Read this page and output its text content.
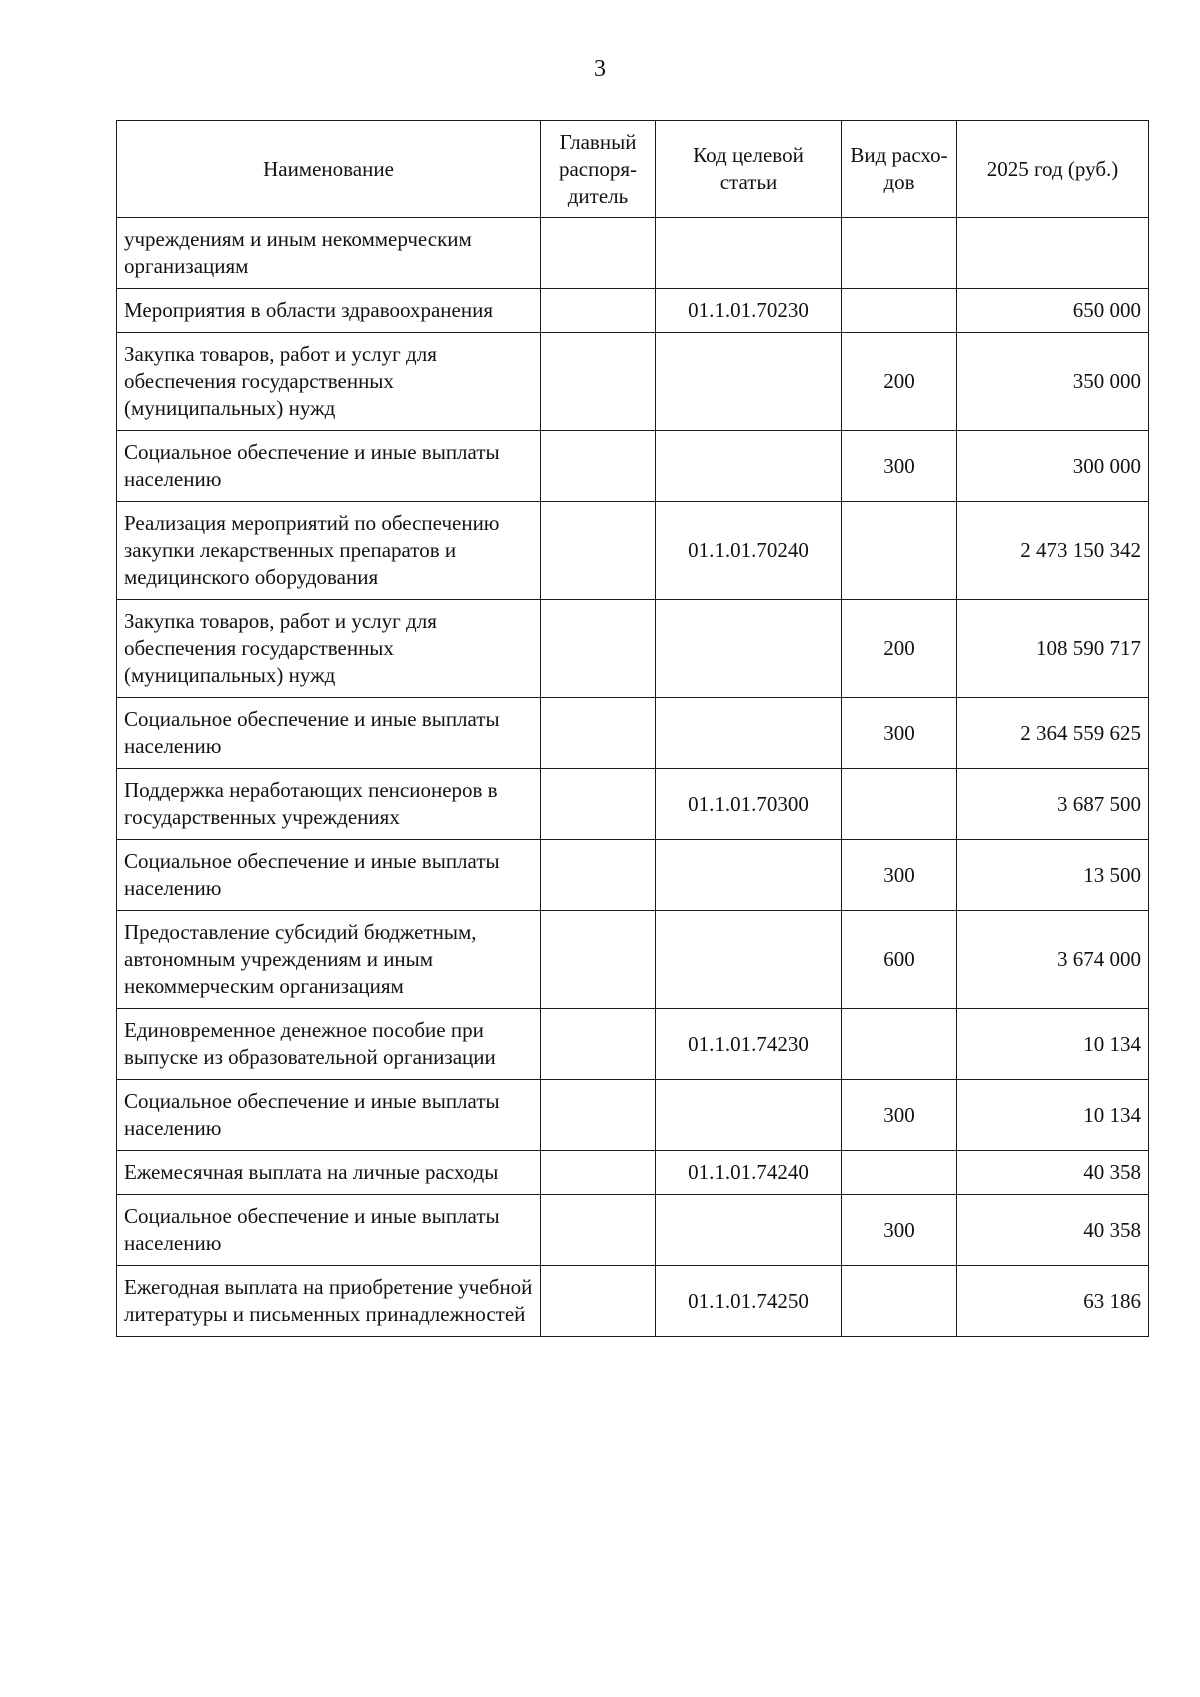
3
Наименование	Главный распоря-дитель	Код целевой статьи	Вид расхо-дов	2025 год (руб.)
учреждениям и иным некоммерческим организациям				
Мероприятия в области здравоохранения		01.1.01.70230		650 000
Закупка товаров, работ и услуг для обеспечения государственных (муниципальных) нужд			200	350 000
Социальное обеспечение и иные выплаты населению			300	300 000
Реализация мероприятий по обеспечению закупки лекарственных препаратов и медицинского оборудования		01.1.01.70240		2 473 150 342
Закупка товаров, работ и услуг для обеспечения государственных (муниципальных) нужд			200	108 590 717
Социальное обеспечение и иные выплаты населению			300	2 364 559 625
Поддержка неработающих пенсионеров в государственных учреждениях		01.1.01.70300		3 687 500
Социальное обеспечение и иные выплаты населению			300	13 500
Предоставление субсидий бюджетным, автономным учреждениям и иным некоммерческим организациям			600	3 674 000
Единовременное денежное пособие при выпуске из образовательной организации		01.1.01.74230		10 134
Социальное обеспечение и иные выплаты населению			300	10 134
Ежемесячная выплата на личные расходы		01.1.01.74240		40 358
Социальное обеспечение и иные выплаты населению			300	40 358
Ежегодная выплата на приобретение учебной литературы и письменных принадлежностей		01.1.01.74250		63 186
